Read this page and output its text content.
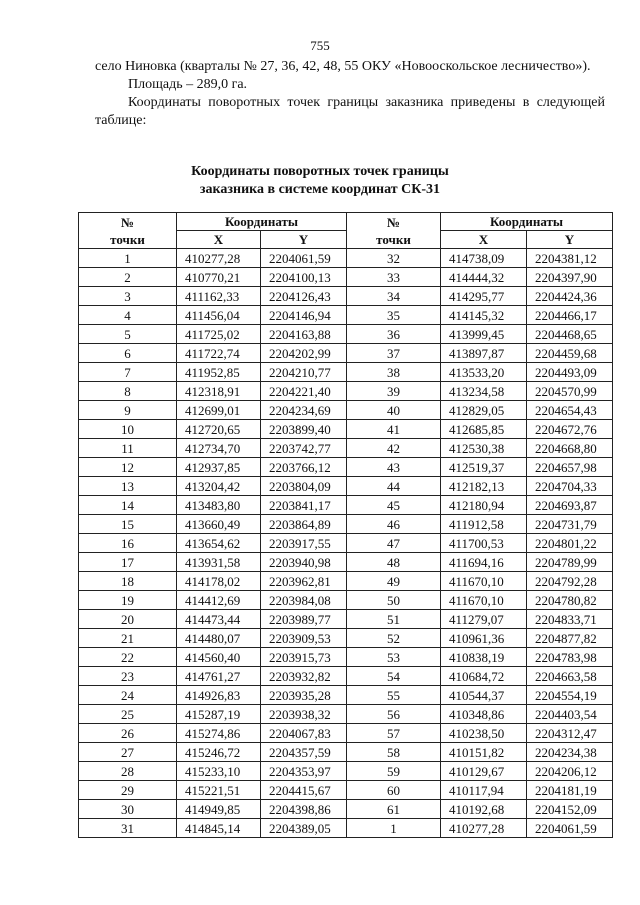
755

село Ниновка (кварталы № 27, 36, 42, 48, 55 ОКУ «Новооскольское лесничество»).

Площадь – 289,0 га.

Координаты поворотных точек границы заказника приведены в следующей таблице:

Координаты поворотных точек границы
заказника в системе координат СК-31
№
точки	Координаты		№
точки	Координаты	
	X	Y		X	Y
1	410277,28	2204061,59	32	414738,09	2204381,12
2	410770,21	2204100,13	33	414444,32	2204397,90
3	411162,33	2204126,43	34	414295,77	2204424,36
4	411456,04	2204146,94	35	414145,32	2204466,17
5	411725,02	2204163,88	36	413999,45	2204468,65
6	411722,74	2204202,99	37	413897,87	2204459,68
7	411952,85	2204210,77	38	413533,20	2204493,09
8	412318,91	2204221,40	39	413234,58	2204570,99
9	412699,01	2204234,69	40	412829,05	2204654,43
10	412720,65	2203899,40	41	412685,85	2204672,76
11	412734,70	2203742,77	42	412530,38	2204668,80
12	412937,85	2203766,12	43	412519,37	2204657,98
13	413204,42	2203804,09	44	412182,13	2204704,33
14	413483,80	2203841,17	45	412180,94	2204693,87
15	413660,49	2203864,89	46	411912,58	2204731,79
16	413654,62	2203917,55	47	411700,53	2204801,22
17	413931,58	2203940,98	48	411694,16	2204789,99
18	414178,02	2203962,81	49	411670,10	2204792,28
19	414412,69	2203984,08	50	411670,10	2204780,82
20	414473,44	2203989,77	51	411279,07	2204833,71
21	414480,07	2203909,53	52	410961,36	2204877,82
22	414560,40	2203915,73	53	410838,19	2204783,98
23	414761,27	2203932,82	54	410684,72	2204663,58
24	414926,83	2203935,28	55	410544,37	2204554,19
25	415287,19	2203938,32	56	410348,86	2204403,54
26	415274,86	2204067,83	57	410238,50	2204312,47
27	415246,72	2204357,59	58	410151,82	2204234,38
28	415233,10	2204353,97	59	410129,67	2204206,12
29	415221,51	2204415,67	60	410117,94	2204181,19
30	414949,85	2204398,86	61	410192,68	2204152,09
31	414845,14	2204389,05	1	410277,28	2204061,59
